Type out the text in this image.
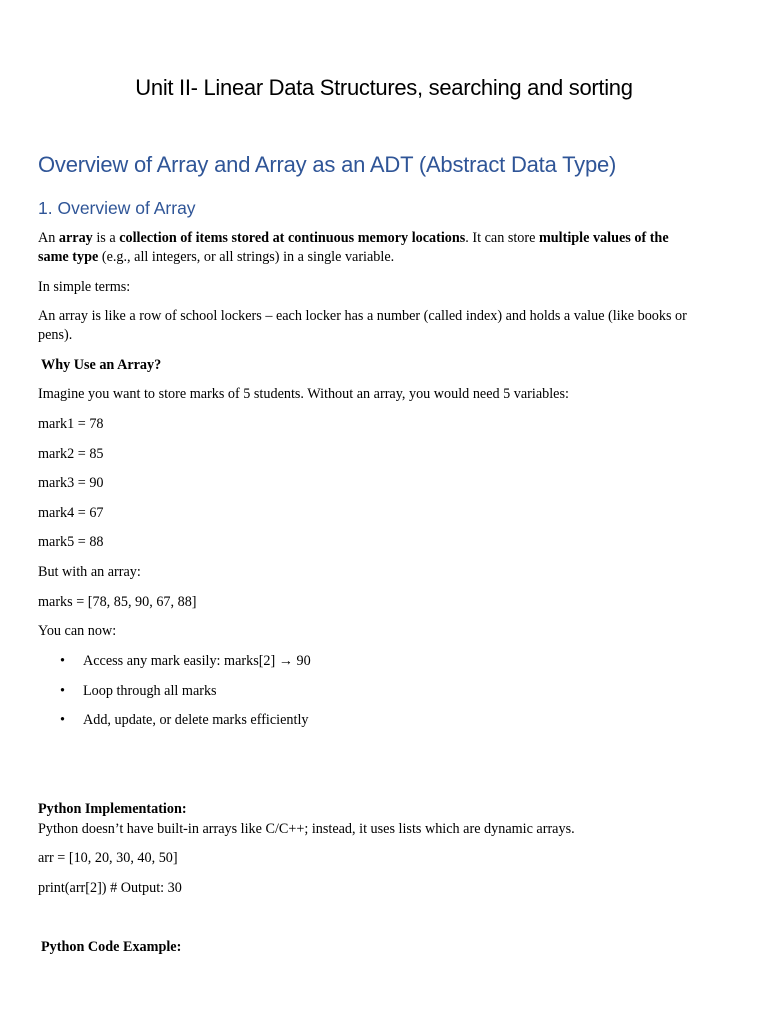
Unit II- Linear Data Structures, searching and sorting
Overview of Array and Array as an ADT (Abstract Data Type)
1. Overview of Array

An array is a collection of items stored at continuous memory locations. It can store multiple values of the
same type (e.g., all integers, or all strings) in a single variable.

In simple terms:

An array is like a row of school lockers – each locker has a number (called index) and holds a value (like books or
pens).

Why Use an Array?

Imagine you want to store marks of 5 students. Without an array, you would need 5 variables:

mark1 = 78

mark2 = 85

mark3 = 90

mark4 = 67

mark5 = 88

But with an array:

marks = [78, 85, 90, 67, 88]

You can now:

• Access any mark easily: marks[2] → 90

• Loop through all marks

• Add, update, or delete marks efficiently

Python Implementation:

Python doesn’t have built-in arrays like C/C++; instead, it uses lists which are dynamic arrays.

arr = [10, 20, 30, 40, 50]

print(arr[2]) # Output: 30

Python Code Example:
